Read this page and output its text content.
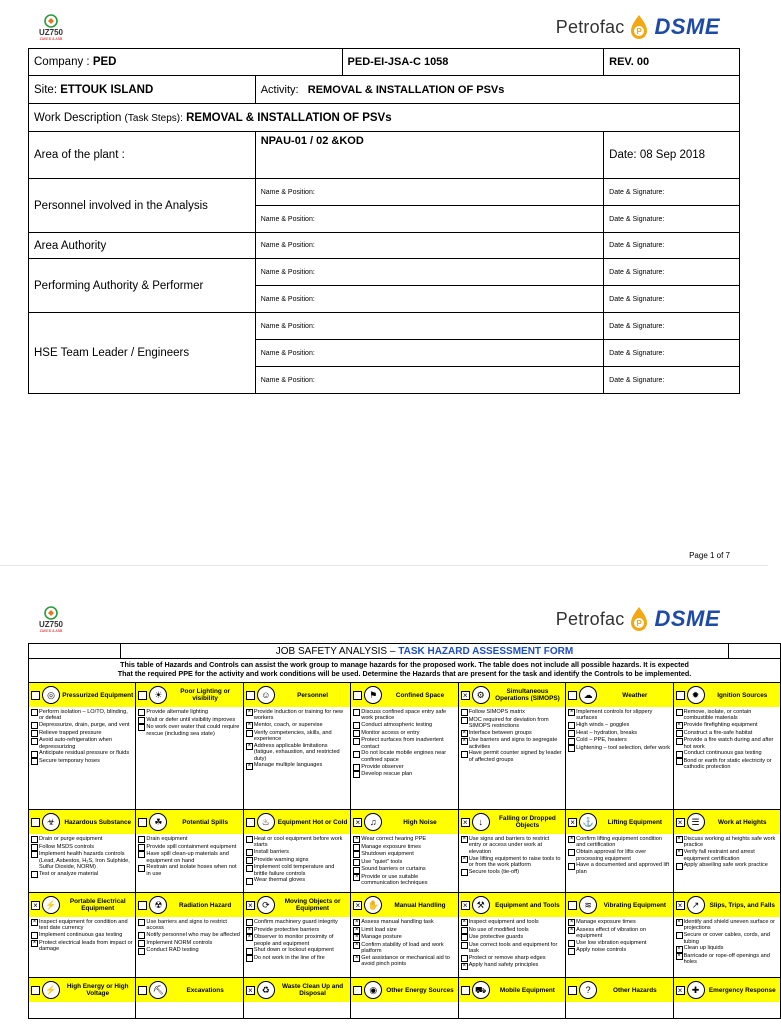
UZ750
ZAKED & ASB
Petrofac P DSME
Company : PED		PED-EI-JSA-C 1058	REV. 00
Site: ETTOUK ISLAND	Activity: REMOVAL & INSTALLATION OF PSVs		
Work Description (Task Steps): REMOVAL & INSTALLATION OF PSVs			
Area of the plant :	NPAU-01 / 02 &KOD		Date: 08 Sep 2018
Personnel involved in the Analysis	Name & Position:		Date & Signature:
	Name & Position:		Date & Signature:
Area Authority	Name & Position:		Date & Signature:
Performing Authority & Performer	Name & Position:		Date & Signature:
	Name & Position:		Date & Signature:
HSE Team Leader / Engineers	Name & Position:		Date & Signature:
	Name & Position:		Date & Signature:
	Name & Position:		Date & Signature:
Page 1 of 7
UZ750
ZAKED & ASB
Petrofac P DSME
JOB SAFETY ANALYSIS – TASK HAZARD ASSESSMENT FORM
This table of Hazards and Controls can assist the work group to manage hazards for the proposed work. The table does not include all possible hazards. It is expected
That the required PPE for the activity and work conditions will be used. Determine the Hazards that are present for the task and identify the Controls to be implemented.
◎	Pressurized Equipment
Perform isolation – LO/TO, blinding, or defeat
Depressurize, drain, purge, and vent
Relieve trapped pressure
Avoid auto-refrigeration when depressurizing
Anticipate residual pressure or fluids
Secure temporary hoses
☀	Poor Lighting or visibility
Provide alternate lighting
Wait or defer until visibility improves
No work over water that could require rescue (including sea state)
☺	Personnel
×
Provide induction or training for new workers
×
Mentor, coach, or supervise
Verify competencies, skills, and experience
×
Address applicable limitations (fatigue, exhaustion, and restricted duty)
×
Manage multiple languages
⚑	Confined Space
Discuss confined space entry safe work practice
Conduct atmospheric testing
Monitor access or entry
Protect surfaces from inadvertent contact
Do not locate mobile engines near confined space
Provide observer
Develop rescue plan
×
⚙	Simultaneous Operations (SIMOPS)
Follow SIMOPS matrix
MOC required for deviation from SIMOPS restrictions
×
Interface between groups
×
Use barriers and signs to segregate activities
Have permit counter signed by leader of affected groups
☁	Weather
×
Implement controls for slippery surfaces
High winds – goggles
Heat – hydration, breaks
Cold – PPE, heaters
Lightening – tool selection, defer work
✹	Ignition Sources
Remove, isolate, or contain combustible materials
×
Provide firefighting equipment
Construct a fire-safe habitat
Provide a fire watch during and after hot work
Conduct continuous gas testing
Bond or earth for static electricity or cathodic protection
☣	Hazardous Substance
Drain or purge equipment
Follow MSDS controls
Implement health hazards controls (Lead, Asbestos, H₂S, Iron Sulphide, Sulfur Dioxide, NORM)
Test or analyze material
☘	Potential Spills
Drain equipment
Provide spill containment equipment
Have spill clean-up materials and equipment on hand
Restrain and isolate hoses when not in use
♨	Equipment Hot or Cold
Heat or cool equipment before work starts
Install barriers
Provide warning signs
Implement cold temperature and brittle failure controls
Wear thermal gloves
×
♫	High Noise
×
Wear correct hearing PPE
Manage exposure times
Shutdown equipment
Use "quiet" tools
Sound barriers or curtains
×
Provide or use suitable communication techniques
×
↓	Falling or Dropped Objects
×
Use signs and barriers to restrict entry or access under work at elevation
×
Use lifting equipment to raise tools to or from the work platform
Secure tools (tie-off)
×
⚓	Lifting Equipment
×
Confirm lifting equipment condition and certification
Obtain approval for lifts over processing equipment
Have a documented and approved lift plan
×
☰	Work at Heights
×
Discuss working at heights safe work practice
×
Verify fall restraint and arrest equipment certification
Apply abseiling safe work practice
×
⚡	Portable Electrical Equipment
×
Inspect equipment for condition and test date currency
Implement continuous gas testing
×
Protect electrical leads from impact or damage
☢	Radiation Hazard
Use barriers and signs to restrict access
Notify personnel who may be affected
Implement NORM controls
Conduct RAD testing
×
⟳	Moving Objects or Equipment
Confirm machinery guard integrity
×
Provide protective barriers
×
Observer to monitor proximity of people and equipment
Shut down or lockout equipment
Do not work in the line of fire
×
✋	Manual Handling
×
Assess manual handling task
×
Limit load size
×
Manage posture
×
Confirm stability of load and work platform
×
Get assistance or mechanical aid to avoid pinch points
×
⚒	Equipment and Tools
×
Inspect equipment and tools
No use of modified tools
Use protective guards
Use correct tools and equipment for task
Protect or remove sharp edges
×
Apply hand safety principles
≋	Vibrating Equipment
×
Manage exposure times
×
Assess effect of vibration on equipment
Use low vibration equipment
Apply noise controls
×
↗	Slips, Trips, and Falls
×
Identify and shield uneven surface or projections
Secure or cover cables, cords, and tubing
×
Clean up liquids
×
Barricade or rope-off openings and holes
⚡	High Energy or High Voltage	⛏	Excavations ×	♻	Waste Clean Up and Disposal	◉	Other Energy Sources	⛟	Mobile Equipment	?	Other Hazards ×	✚	Emergency Response
